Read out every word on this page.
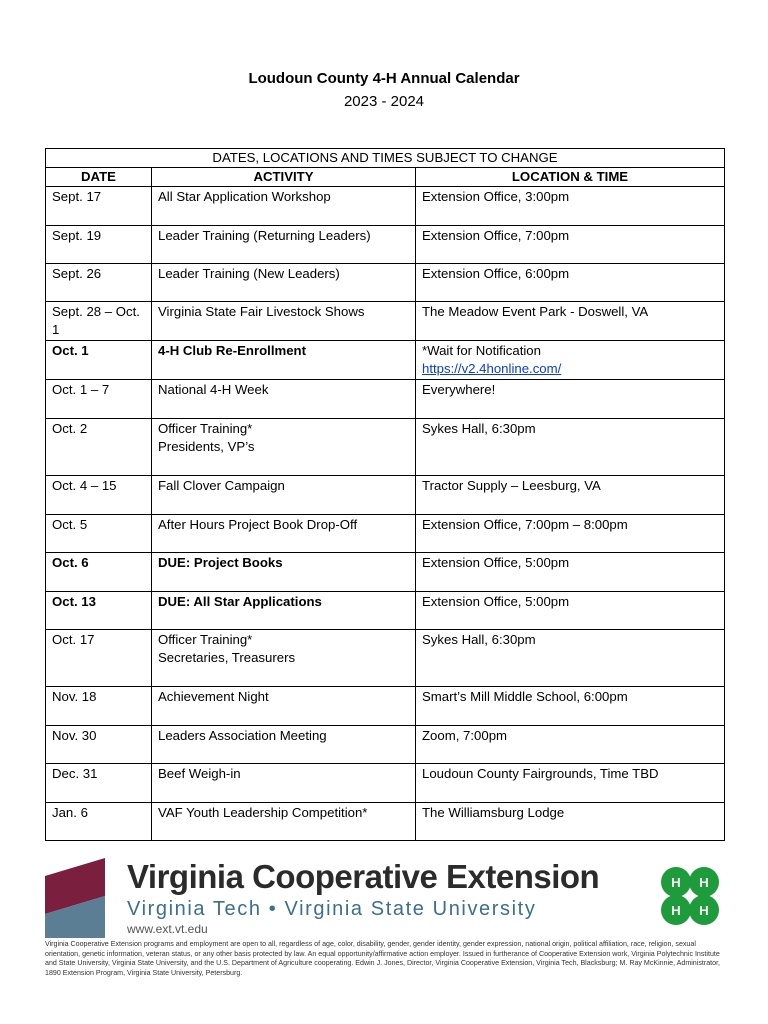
Loudoun County 4-H Annual Calendar
2023 - 2024
DATES, LOCATIONS AND TIMES SUBJECT TO CHANGE		
DATE	ACTIVITY	LOCATION & TIME
Sept. 17	All Star Application Workshop	Extension Office, 3:00pm
Sept. 19	Leader Training (Returning Leaders)	Extension Office, 7:00pm
Sept. 26	Leader Training (New Leaders)	Extension Office, 6:00pm
Sept. 28 – Oct. 1	Virginia State Fair Livestock Shows	The Meadow Event Park - Doswell, VA
Oct. 1	4-H Club Re-Enrollment	*Wait for Notification
https://v2.4honline.com/
Oct. 1 – 7	National 4-H Week	Everywhere!
Oct. 2	Officer Training*
Presidents, VP’s	Sykes Hall, 6:30pm
Oct. 4 – 15	Fall Clover Campaign	Tractor Supply – Leesburg, VA
Oct. 5	After Hours Project Book Drop-Off	Extension Office, 7:00pm – 8:00pm
Oct. 6	DUE: Project Books	Extension Office, 5:00pm
Oct. 13	DUE: All Star Applications	Extension Office, 5:00pm
Oct. 17	Officer Training*
Secretaries, Treasurers	Sykes Hall, 6:30pm
Nov. 18	Achievement Night	Smart’s Mill Middle School, 6:00pm
Nov. 30	Leaders Association Meeting	Zoom, 7:00pm
Dec. 31	Beef Weigh-in	Loudoun County Fairgrounds, Time TBD
Jan. 6	VAF Youth Leadership Competition*	The Williamsburg Lodge
Virginia Cooperative Extension
Virginia Tech • Virginia State University
www.ext.vt.edu
H H
H H
Virginia Cooperative Extension programs and employment are open to all, regardless of age, color, disability, gender, gender identity, gender expression, national origin, political affiliation, race, religion, sexual orientation, genetic information, veteran status, or any other basis protected by law. An equal opportunity/affirmative action employer. Issued in furtherance of Cooperative Extension work, Virginia Polytechnic Institute and State University, Virginia State University, and the U.S. Department of Agriculture cooperating. Edwin J. Jones, Director, Virginia Cooperative Extension, Virginia Tech, Blacksburg; M. Ray McKinnie, Administrator, 1890 Extension Program, Virginia State University, Petersburg.
